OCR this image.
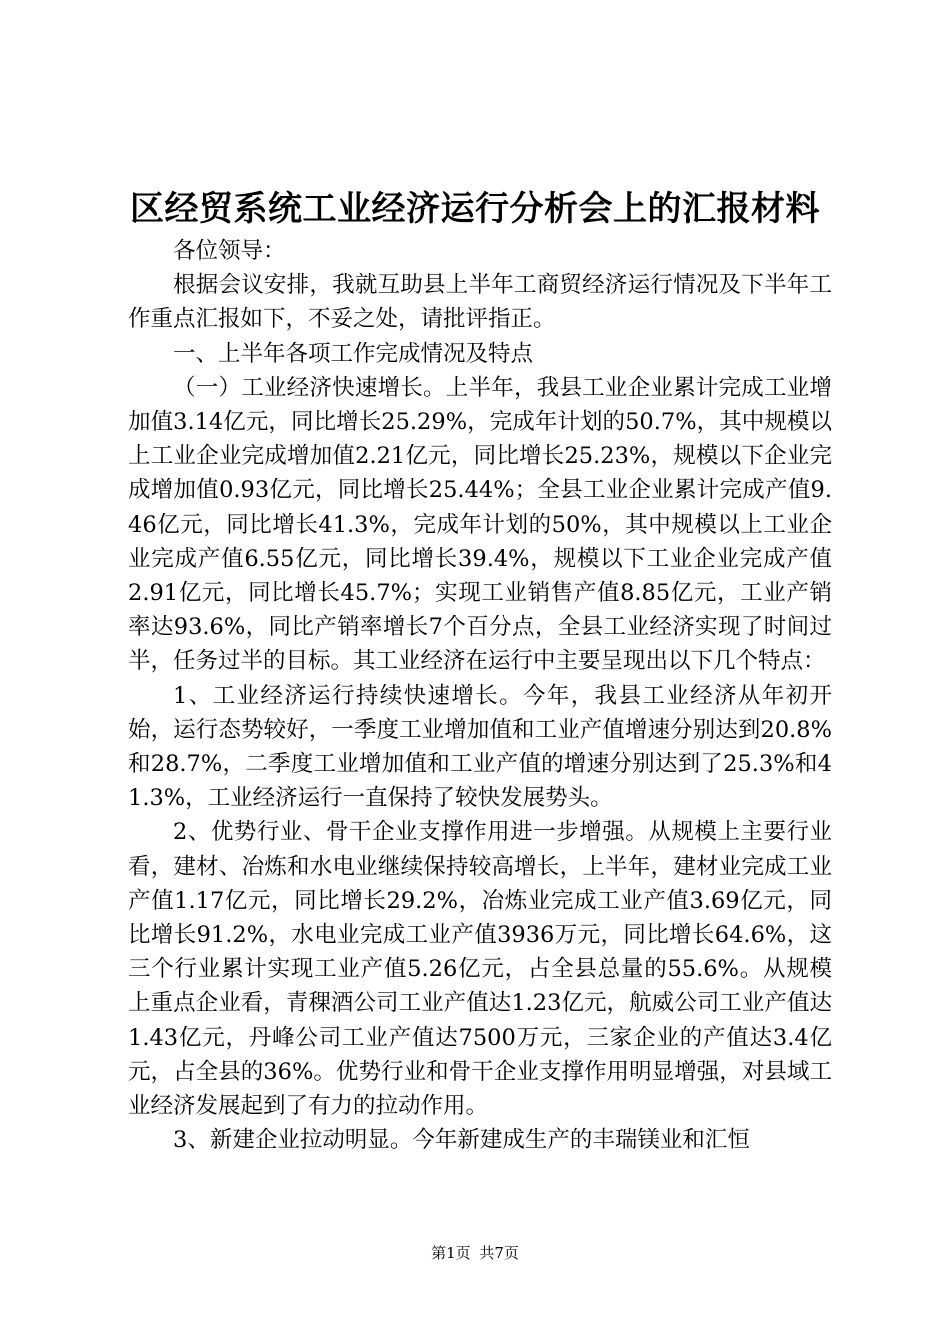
区经贸系统工业经济运行分析会上的汇报材料

各位领导：

根据会议安排，我就互助县上半年工商贸经济运行情况及下半年工作重点汇报如下，不妥之处，请批评指正。

一、上半年各项工作完成情况及特点

（一）工业经济快速增长。上半年，我县工业企业累计完成工业增加值3.14亿元，同比增长25.29%，完成年计划的50.7%，其中规模以上工业企业完成增加值2.21亿元，同比增长25.23%，规模以下企业完成增加值0.93亿元，同比增长25.44%；全县工业企业累计完成产值9.46亿元，同比增长41.3%，完成年计划的50%，其中规模以上工业企业完成产值6.55亿元，同比增长39.4%，规模以下工业企业完成产值2.91亿元，同比增长45.7%；实现工业销售产值8.85亿元，工业产销率达93.6%，同比产销率增长7个百分点，全县工业经济实现了时间过半，任务过半的目标。其工业经济在运行中主要呈现出以下几个特点：

1、工业经济运行持续快速增长。今年，我县工业经济从年初开始，运行态势较好，一季度工业增加值和工业产值增速分别达到20.8%和28.7%，二季度工业增加值和工业产值的增速分别达到了25.3%和41.3%，工业经济运行一直保持了较快发展势头。

2、优势行业、骨干企业支撑作用进一步增强。从规模上主要行业看，建材、冶炼和水电业继续保持较高增长，上半年，建材业完成工业产值1.17亿元，同比增长29.2%，冶炼业完成工业产值3.69亿元，同比增长91.2%，水电业完成工业产值3936万元，同比增长64.6%，这三个行业累计实现工业产值5.26亿元，占全县总量的55.6%。从规模上重点企业看，青稞酒公司工业产值达1.23亿元，航威公司工业产值达1.43亿元，丹峰公司工业产值达7500万元，三家企业的产值达3.4亿元，占全县的36%。优势行业和骨干企业支撑作用明显增强，对县域工业经济发展起到了有力的拉动作用。

3、新建企业拉动明显。今年新建成生产的丰瑞镁业和汇恒

第1页 共7页
